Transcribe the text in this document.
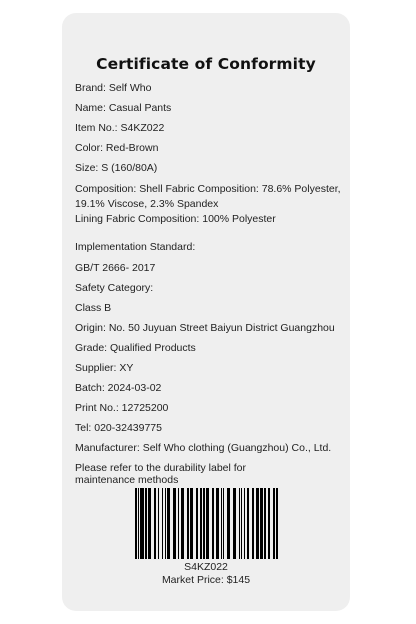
Certificate of Conformity
Brand: Self Who
Name: Casual Pants
Item No.: S4KZ022
Color: Red-Brown
Size: S (160/80A)
Composition: Shell Fabric Composition: 78.6% Polyester,
19.1% Viscose, 2.3% Spandex
Lining Fabric Composition: 100% Polyester
Implementation Standard:
GB/T 2666- 2017
Safety Category:
Class B
Origin: No. 50 Juyuan Street Baiyun District Guangzhou
Grade: Qualified Products
Supplier: XY
Batch: 2024-03-02
Print No.: 12725200
Tel: 020-32439775
Manufacturer: Self Who clothing (Guangzhou) Co., Ltd.
Please refer to the durability label for
maintenance methods
S4KZ022
Market Price: $145
